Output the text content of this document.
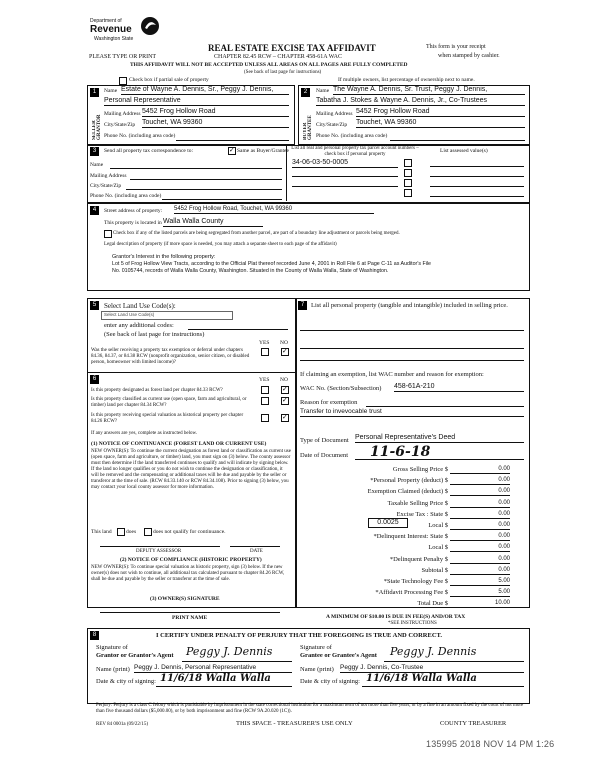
Department of
Revenue
Washington State
PLEASE TYPE OR PRINT
REAL ESTATE EXCISE TAX AFFIDAVIT
CHAPTER 82.45 RCW – CHAPTER 458-61A WAC
THIS AFFIDAVIT WILL NOT BE ACCEPTED UNLESS ALL AREAS ON ALL PAGES ARE FULLY COMPLETED
(See back of last page for instructions)
This form is your receipt
when stamped by cashier.
Check box if partial sale of property	If multiple owners, list percentage of ownership next to name.
1
SELLER GRANTOR
Name Estate of Wayne A. Dennis, Sr., Peggy J. Dennis,
Personal Representative
Mailing Address 5452 Frog Hollow Road
City/State/Zip Touchet, WA 99360
Phone No. (including area code)
2
BUYER GRANTEE
Name The Wayne A. Dennis, Sr. Trust, Peggy J. Dennis,
Tabatha J. Stokes & Wayne A. Dennis, Jr., Co-Trustees
Mailing Address 5452 Frog Hollow Road
City/State/Zip Touchet, WA 99360
Phone No. (including area code)
3	Send all property tax correspondence to:
✓	Same as Buyer/Grantee
Name
Mailing Address
City/State/Zip
Phone No. (including area code)
List all real and personal property tax parcel account numbers – check box if personal property
List assessed value(s)
34-06-03-50-0005
4	Street address of property: 5452 Frog Hollow Road, Touchet, WA 99360
This property is located in Walla Walla County
Check box if any of the listed parcels are being segregated from another parcel, are part of a boundary line adjustment or parcels being merged.
Legal description of property (if more space is needed, you may attach a separate sheet to each page of the affidavit)
Grantor's Interest in the following property:
Lot 5 of Frog Hollow View Tracts, according to the Official Plat thereof recorded June 4, 2001 in Roll File 6 at Page C-11 as Auditor's File
No. 0105744, records of Walla Walla County, Washington. Situated in the County of Walla Walla, State of Washington.
5	Select Land Use Code(s):
Select Land Use Code(s)
enter any additional codes:
(See back of last page for instructions)
YES NO
Was the seller receiving a property tax exemption or deferral under chapters 84.36, 84.37, or 84.38 RCW (nonprofit organization, senior citizen, or disabled person, homeowner with limited income)?
✓
6	YES NO
Is this property designated as forest land per chapter 84.33 RCW?
✓
Is this property classified as current use (open space, farm and agricultural, or timber) land per chapter 84.34 RCW?
✓
Is this property receiving special valuation as historical property per chapter 84.26 RCW?
✓
If any answers are yes, complete as instructed below.
(1) NOTICE OF CONTINUANCE (FOREST LAND OR CURRENT USE)
NEW OWNER(S): To continue the current designation as forest land or classification as current use (open space, farm and agriculture, or timber) land, you must sign on (3) below. The county assessor must then determine if the land transferred continues to qualify and will indicate by signing below. If the land no longer qualifies or you do not wish to continue the designation or classification, it will be removed and the compensating or additional taxes will be due and payable by the seller or transferor at the time of sale. (RCW 84.33.140 or RCW 84.34.108). Prior to signing (3) below, you may contact your local county assessor for more information.
This land	does	does not qualify for continuance.
DEPUTY ASSESSOR	DATE
(2) NOTICE OF COMPLIANCE (HISTORIC PROPERTY)
NEW OWNER(S): To continue special valuation as historic property, sign (3) below. If the new owner(s) does not wish to continue, all additional tax calculated pursuant to chapter 84.26 RCW, shall be due and payable by the seller or transferor at the time of sale.
(3) OWNER(S) SIGNATURE
PRINT NAME
7	List all personal property (tangible and intangible) included in selling price.
If claiming an exemption, list WAC number and reason for exemption:
WAC No. (Section/Subsection) 458-61A-210
Reason for exemption
Transfer to invevocable trust
Type of Document Personal Representative's Deed
Date of Document 11-6-18
Gross Selling Price $	0.00
*Personal Property (deduct) $	0.00
Exemption Claimed (deduct) $	0.00
Taxable Selling Price $	0.00
Excise Tax : State $	0.00
Local $	0.00
*Delinquent Interest: State $	0.00
Local $	0.00
*Delinquent Penalty $	0.00
Subtotal $	0.00
*State Technology Fee $	5.00
*Affidavit Processing Fee $	5.00
Total Due $	10.00
0.0025
A MINIMUM OF $10.00 IS DUE IN FEE(S) AND/OR TAX
*SEE INSTRUCTIONS
8	I CERTIFY UNDER PENALTY OF PERJURY THAT THE FOREGOING IS TRUE AND CORRECT.
Signature of
Grantor or Grantor's Agent Peggy J. Dennis
Name (print) Peggy J. Dennis, Personal Representative
Date & city of signing: 11/6/18 Walla Walla
Signature of
Grantee or Grantee's Agent Peggy J. Dennis
Name (print) Peggy J. Dennis, Co-Trustee
Date & city of signing: 11/6/18 Walla Walla
Perjury: Perjury is a class C felony which is punishable by imprisonment in the state correctional institution for a maximum term of not more than five years, or by a fine in an amount fixed by the court of not more than five thousand dollars ($5,000.00), or by both imprisonment and fine (RCW 9A.20.020 (1C)).
REV 84 0001a (09/22/15)	THIS SPACE - TREASURER'S USE ONLY	COUNTY TREASURER
135995 2018 NOV 14 PM 1:26
